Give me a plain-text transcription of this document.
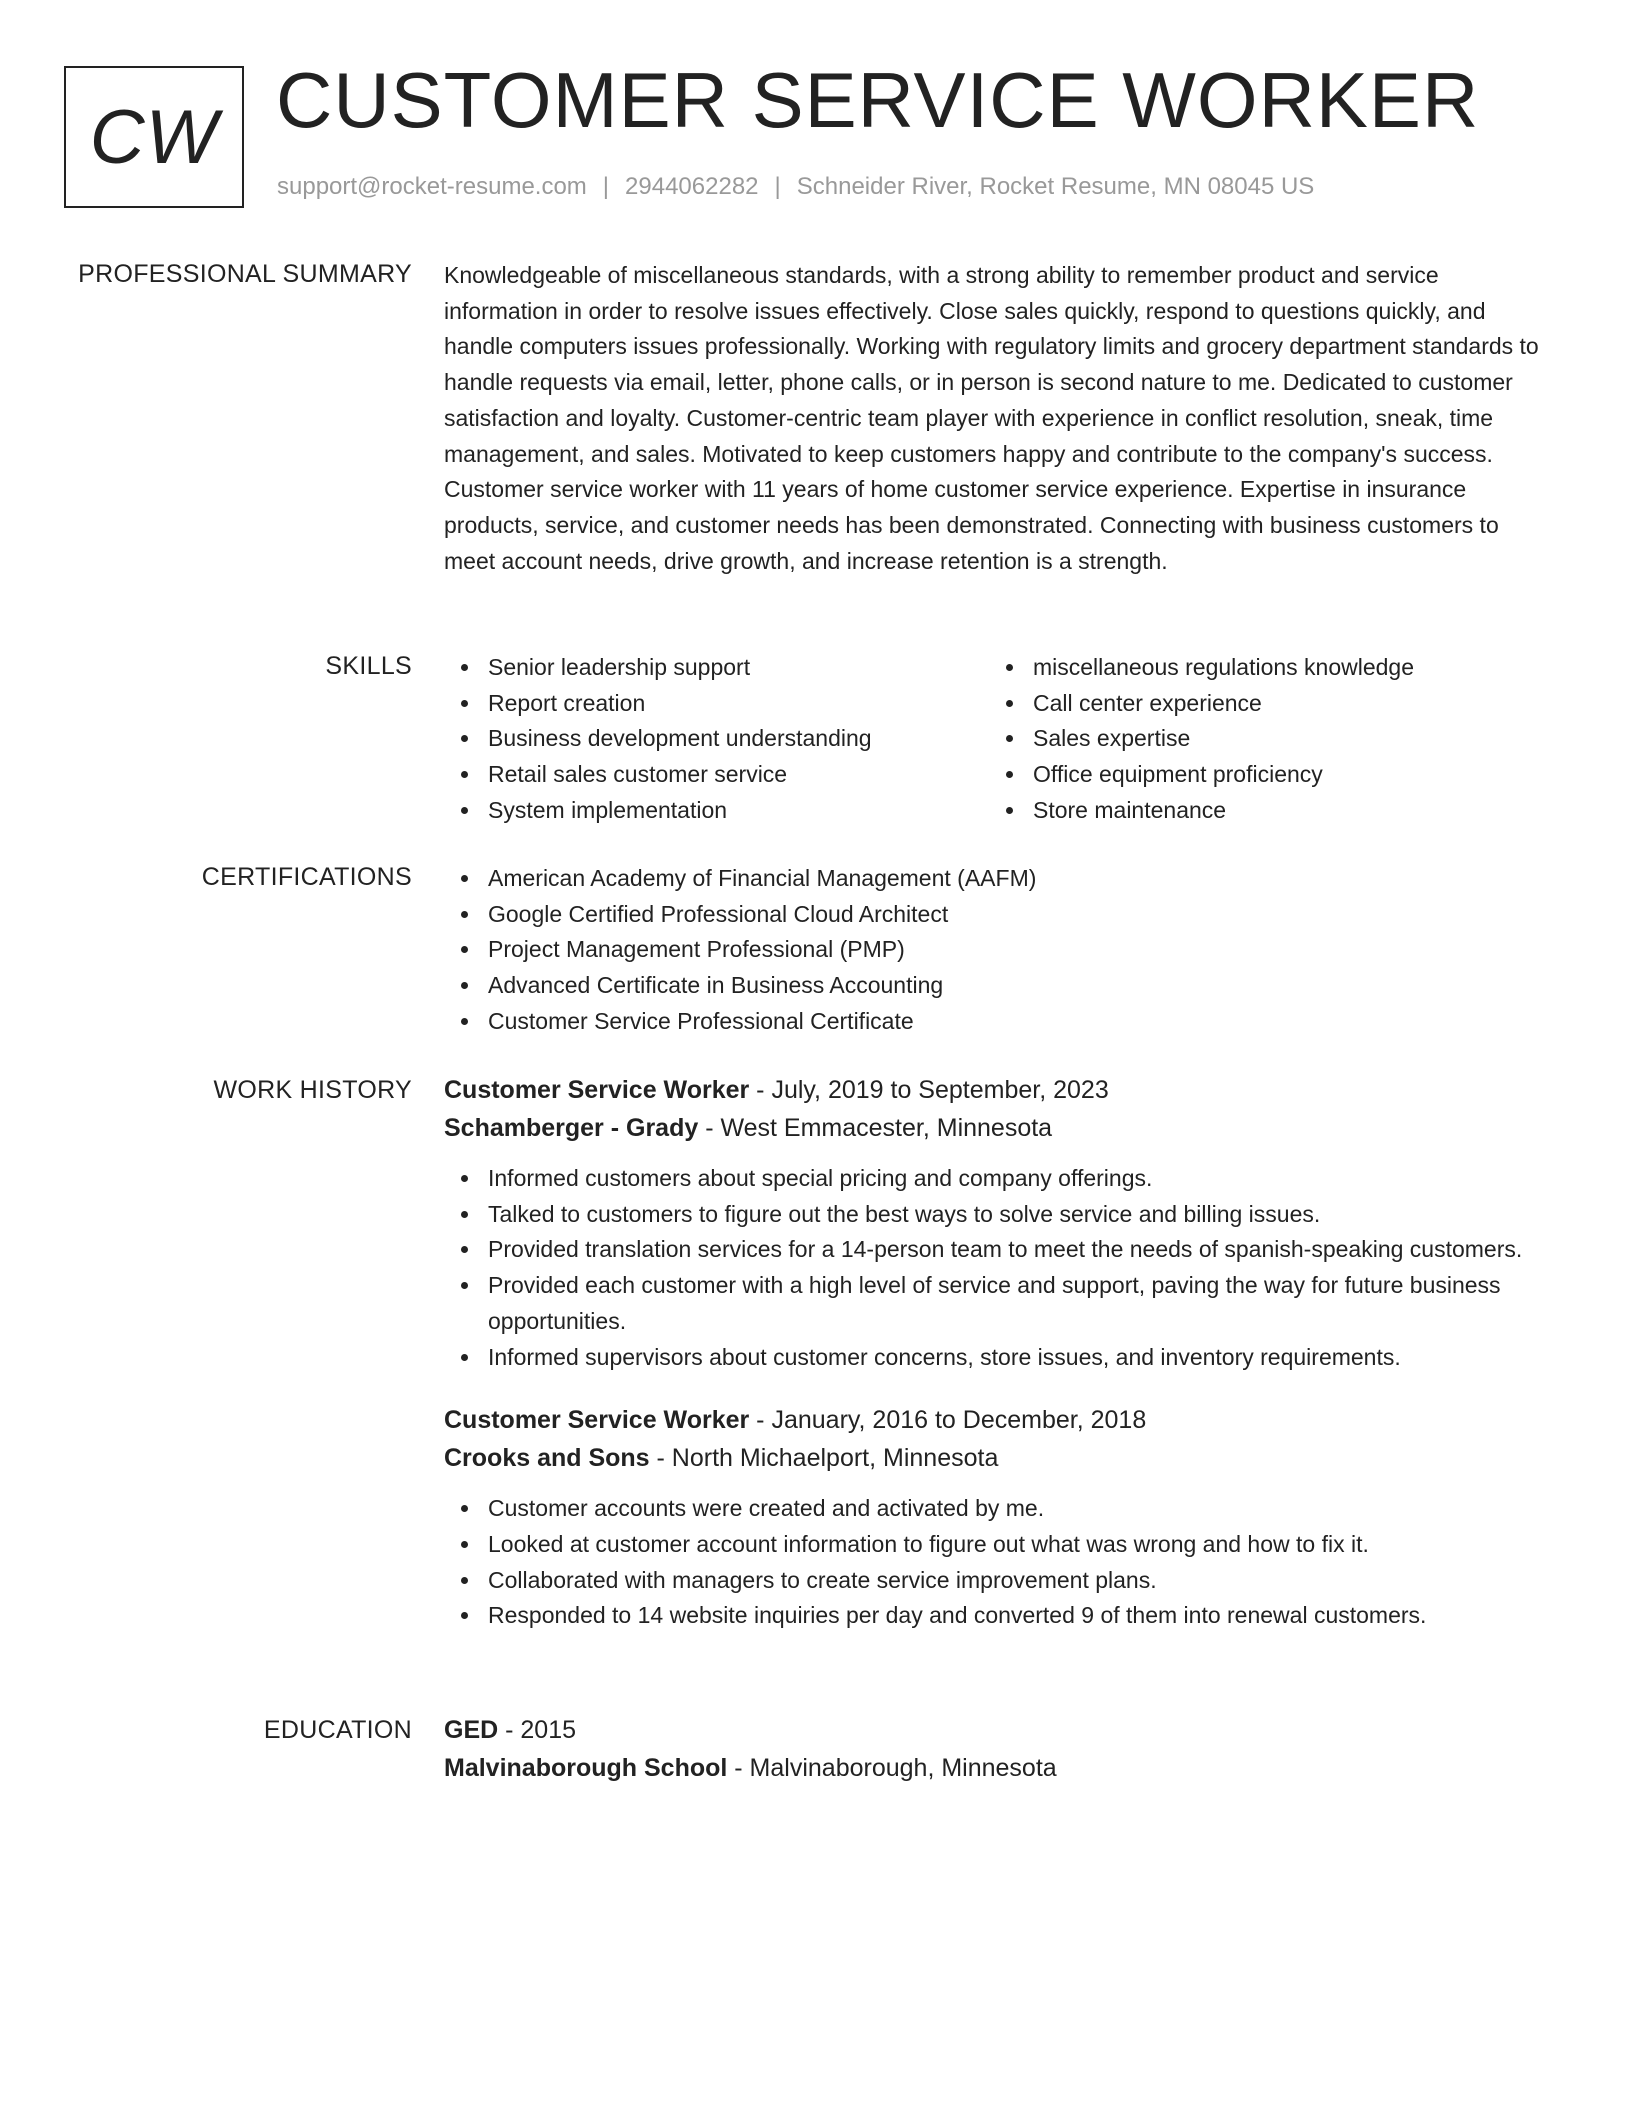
CW CUSTOMER SERVICE WORKER
support@rocket-resume.com | 2944062282 | Schneider River, Rocket Resume, MN 08045 US
PROFESSIONAL SUMMARY Knowledgeable of miscellaneous standards, with a strong ability to remember product and service information in order to resolve issues effectively. Close sales quickly, respond to questions quickly, and handle computers issues professionally. Working with regulatory limits and grocery department standards to handle requests via email, letter, phone calls, or in person is second nature to me. Dedicated to customer satisfaction and loyalty. Customer-centric team player with experience in conflict resolution, sneak, time management, and sales. Motivated to keep customers happy and contribute to the company's success. Customer service worker with 11 years of home customer service experience. Expertise in insurance products, service, and customer needs has been demonstrated. Connecting with business customers to meet account needs, drive growth, and increase retention is a strength.
SKILLS	Senior leadership support
Report creation
Business development understanding
Retail sales customer service
System implementation
miscellaneous regulations knowledge
Call center experience
Sales expertise
Office equipment proficiency
Store maintenance
CERTIFICATIONS	American Academy of Financial Management (AAFM)
Google Certified Professional Cloud Architect
Project Management Professional (PMP)
Advanced Certificate in Business Accounting
Customer Service Professional Certificate
WORK HISTORY Customer Service Worker - July, 2019 to September, 2023
Schamberger - Grady - West Emmacester, Minnesota
Informed customers about special pricing and company offerings.
Talked to customers to figure out the best ways to solve service and billing issues.
Provided translation services for a 14-person team to meet the needs of spanish-speaking customers.
Provided each customer with a high level of service and support, paving the way for future business opportunities.
Informed supervisors about customer concerns, store issues, and inventory requirements.
Customer Service Worker - January, 2016 to December, 2018
Crooks and Sons - North Michaelport, Minnesota
Customer accounts were created and activated by me.
Looked at customer account information to figure out what was wrong and how to fix it.
Collaborated with managers to create service improvement plans.
Responded to 14 website inquiries per day and converted 9 of them into renewal customers.
EDUCATION GED - 2015
Malvinaborough School - Malvinaborough, Minnesota
